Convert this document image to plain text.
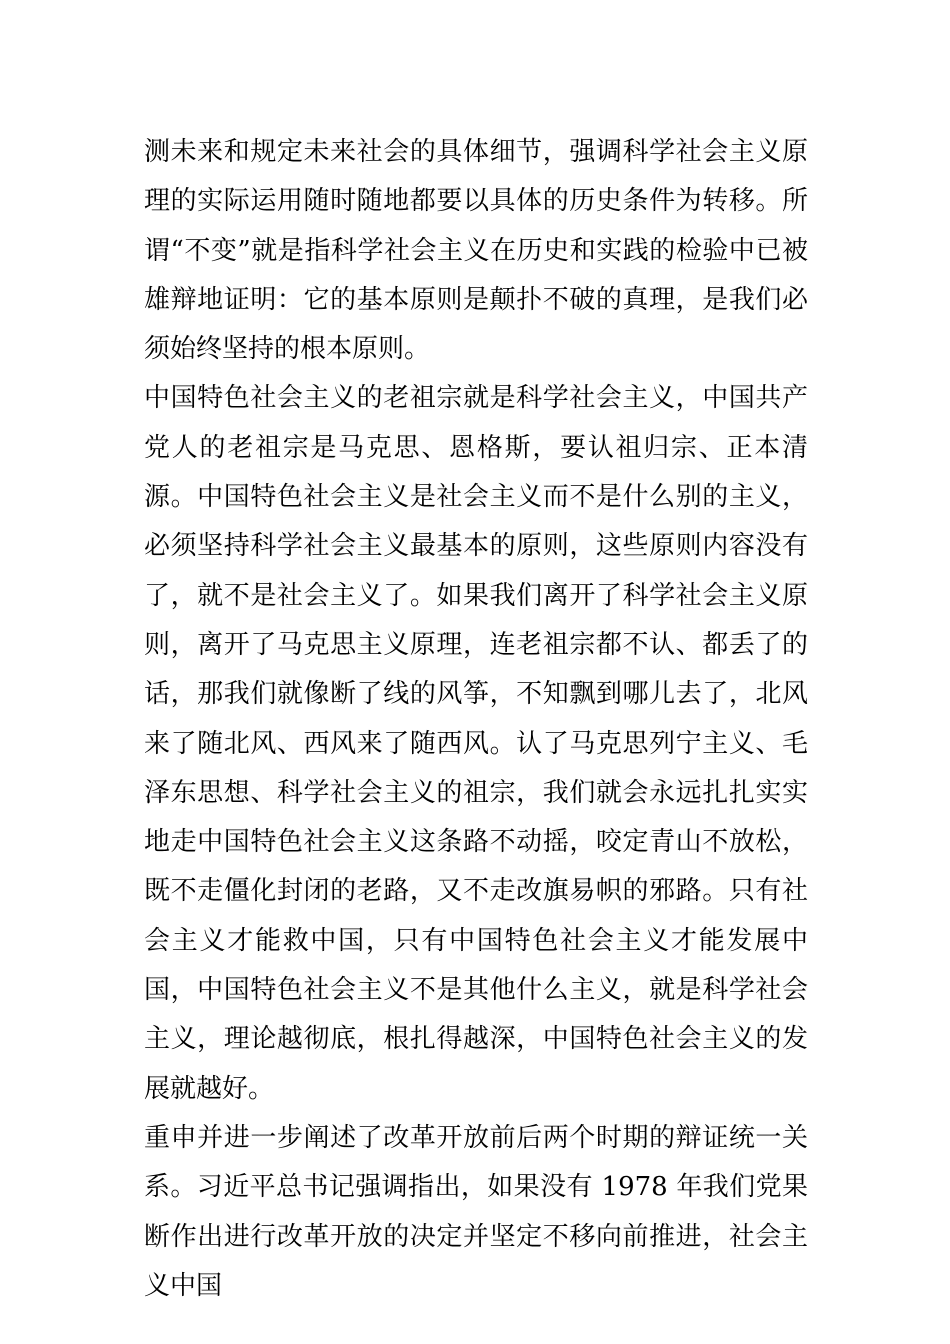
测未来和规定未来社会的具体细节，强调科学社会主义原理的实际运用随时随地都要以具体的历史条件为转移。所谓“不变”就是指科学社会主义在历史和实践的检验中已被雄辩地证明：它的基本原则是颠扑不破的真理，是我们必须始终坚持的根本原则。

中国特色社会主义的老祖宗就是科学社会主义，中国共产党人的老祖宗是马克思、恩格斯，要认祖归宗、正本清源。中国特色社会主义是社会主义而不是什么别的主义，必须坚持科学社会主义最基本的原则，这些原则内容没有了，就不是社会主义了。如果我们离开了科学社会主义原则，离开了马克思主义原理，连老祖宗都不认、都丢了的话，那我们就像断了线的风筝，不知飘到哪儿去了，北风来了随北风、西风来了随西风。认了马克思列宁主义、毛泽东思想、科学社会主义的祖宗，我们就会永远扎扎实实地走中国特色社会主义这条路不动摇，咬定青山不放松，既不走僵化封闭的老路，又不走改旗易帜的邪路。只有社会主义才能救中国，只有中国特色社会主义才能发展中国，中国特色社会主义不是其他什么主义，就是科学社会主义，理论越彻底，根扎得越深，中国特色社会主义的发展就越好。

重申并进一步阐述了改革开放前后两个时期的辩证统一关系。习近平总书记强调指出，如果没有 1978 年我们党果断作出进行改革开放的决定并坚定不移向前推进，社会主义中国
